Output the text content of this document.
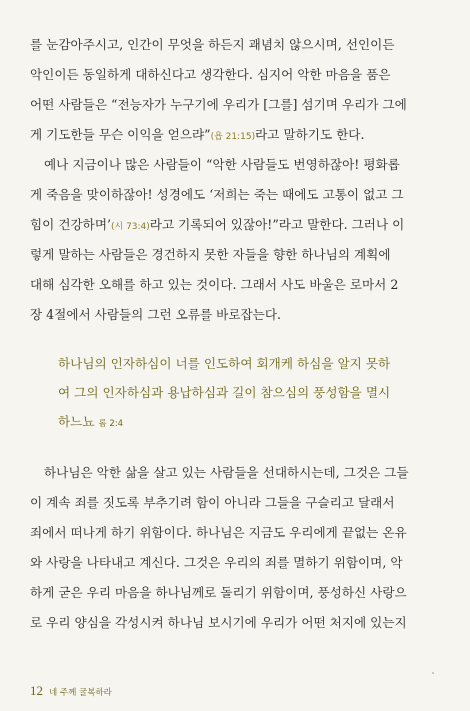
를 눈감아주시고, 인간이 무엇을 하든지 괘념치 않으시며, 선인이든
악인이든 동일하게 대하신다고 생각한다. 심지어 악한 마음을 품은
어떤 사람들은 “전능자가 누구기에 우리가 [그를] 섬기며 우리가 그에
게 기도한들 무슨 이익을 얻으랴”(욥 21:15)라고 말하기도 한다.
예나 지금이나 많은 사람들이 “악한 사람들도 번영하잖아! 평화롭
게 죽음을 맞이하잖아! 성경에도 ‘저희는 죽는 때에도 고통이 없고 그
힘이 건강하며’(시 73:4)라고 기록되어 있잖아!”라고 말한다. 그러나 이
렇게 말하는 사람들은 경건하지 못한 자들을 향한 하나님의 계획에
대해 심각한 오해를 하고 있는 것이다. 그래서 사도 바울은 로마서 2
장 4절에서 사람들의 그런 오류를 바로잡는다.
하나님의 인자하심이 너를 인도하여 회개케 하심을 알지 못하
여 그의 인자하심과 용납하심과 길이 참으심의 풍성함을 멸시
하느뇨 롬 2:4
하나님은 악한 삶을 살고 있는 사람들을 선대하시는데, 그것은 그들
이 계속 죄를 짓도록 부추기려 함이 아니라 그들을 구슬리고 달래서
죄에서 떠나게 하기 위함이다. 하나님은 지금도 우리에게 끝없는 온유
와 사랑을 나타내고 계신다. 그것은 우리의 죄를 멸하기 위함이며, 악
하게 굳은 우리 마음을 하나님께로 돌리기 위함이며, 풍성하신 사랑으
로 우리 양심을 각성시켜 하나님 보시기에 우리가 어떤 처지에 있는지
12 네 주께 굴복하라
